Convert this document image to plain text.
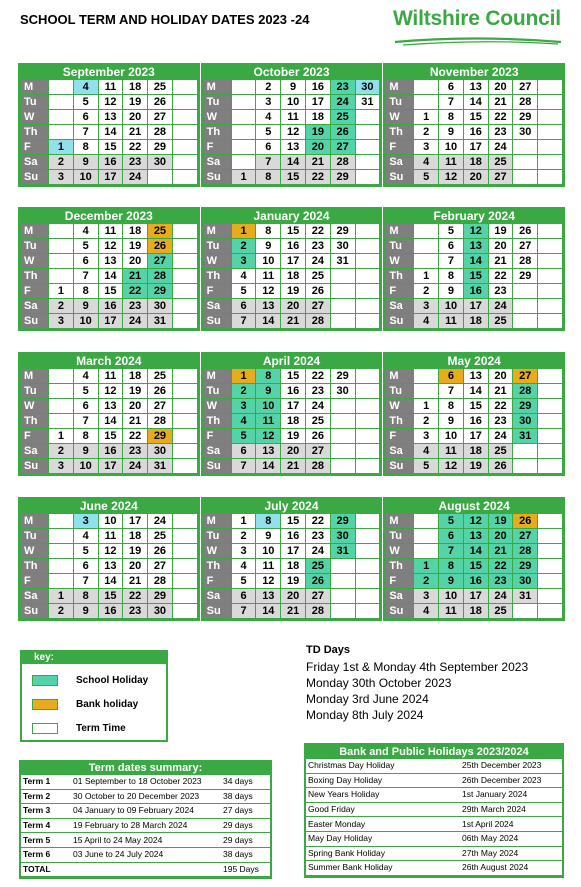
SCHOOL TERM AND HOLIDAY DATES 2023 -24	Wiltshire Council
September 2023
M		4	11	18	25	
Tu		5	12	19	26	
W		6	13	20	27	
Th		7	14	21	28	
F	1	8	15	22	29	
Sa	2	9	16	23	30	
Su	3	10	17	24		
October 2023
M		2	9	16	23	30
Tu		3	10	17	24	31
W		4	11	18	25	
Th		5	12	19	26	
F		6	13	20	27	
Sa		7	14	21	28	
Su	1	8	15	22	29	
November 2023
M		6	13	20	27	
Tu		7	14	21	28	
W	1	8	15	22	29	
Th	2	9	16	23	30	
F	3	10	17	24		
Sa	4	11	18	25		
Su	5	12	20	27		
December 2023
M		4	11	18	25	
Tu		5	12	19	26	
W		6	13	20	27	
Th		7	14	21	28	
F	1	8	15	22	29	
Sa	2	9	16	23	30	
Su	3	10	17	24	31	
January 2024
M	1	8	15	22	29	
Tu	2	9	16	23	30	
W	3	10	17	24	31	
Th	4	11	18	25		
F	5	12	19	26		
Sa	6	13	20	27		
Su	7	14	21	28		
February 2024
M		5	12	19	26	
Tu		6	13	20	27	
W		7	14	21	28	
Th	1	8	15	22	29	
F	2	9	16	23		
Sa	3	10	17	24		
Su	4	11	18	25		
March 2024
M		4	11	18	25	
Tu		5	12	19	26	
W		6	13	20	27	
Th		7	14	21	28	
F	1	8	15	22	29	
Sa	2	9	16	23	30	
Su	3	10	17	24	31	
April 2024
M	1	8	15	22	29	
Tu	2	9	16	23	30	
W	3	10	17	24		
Th	4	11	18	25		
F	5	12	19	26		
Sa	6	13	20	27		
Su	7	14	21	28		
May 2024
M		6	13	20	27	
Tu		7	14	21	28	
W	1	8	15	22	29	
Th	2	9	16	23	30	
F	3	10	17	24	31	
Sa	4	11	18	25		
Su	5	12	19	26		
June 2024
M		3	10	17	24	
Tu		4	11	18	25	
W		5	12	19	26	
Th		6	13	20	27	
F		7	14	21	28	
Sa	1	8	15	22	29	
Su	2	9	16	23	30	
July 2024
M	1	8	15	22	29	
Tu	2	9	16	23	30	
W	3	10	17	24	31	
Th	4	11	18	25		
F	5	12	19	26		
Sa	6	13	20	27		
Su	7	14	21	28		
August 2024
M		5	12	19	26	
Tu		6	13	20	27	
W		7	14	21	28	
Th	1	8	15	22	29	
F	2	9	16	23	30	
Sa	3	10	17	24	31	
Su	4	11	18	25		
key:
School Holiday
Bank holiday
Term Time
TD Days
Friday 1st & Monday 4th September 2023
Monday 30th October 2023
Monday 3rd June 2024
Monday 8th July 2024
Term dates summary:
Term 1	01 September to 18 October 2023	34 days
Term 2	30 October to 20 December 2023	38 days
Term 3	04 January to 09 February 2024	27 days
Term 4	19 February to 28 March 2024	29 days
Term 5	15 April to 24 May 2024	29 days
Term 6	03 June to 24 July 2024	38 days
TOTAL		195 Days
Bank and Public Holidays 2023/2024
Christmas Day Holiday	25th December 2023
Boxing Day Holiday	26th December 2023
New Years Holiday	1st January 2024
Good Friday	29th March 2024
Easter Monday	1st April 2024
May Day Holiday	06th May 2024
Spring Bank Holiday	27th May 2024
Summer Bank Holiday	26th August 2024
